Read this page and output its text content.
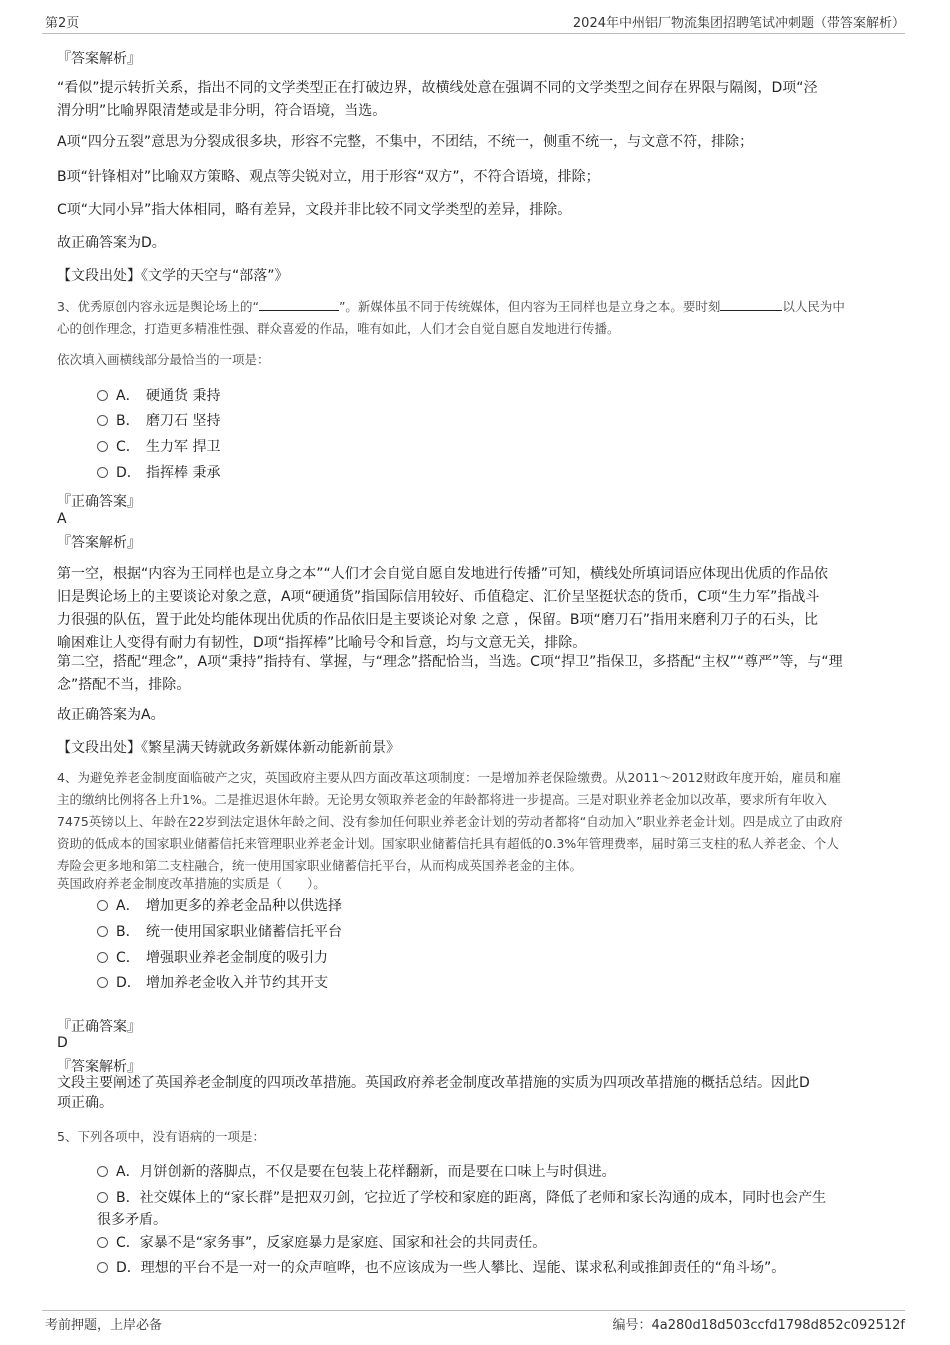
第2页	2024年中州铝厂物流集团招聘笔试冲刺题（带答案解析）
『答案解析』
“看似”提示转折关系，指出不同的文学类型正在打破边界，故横线处意在强调不同的文学类型之间存在界限与隔阂，D项“泾
渭分明”比喻界限清楚或是非分明，符合语境，当选。
A项“四分五裂”意思为分裂成很多块，形容不完整，不集中，不团结，不统一，侧重不统一，与文意不符，排除；
B项“针锋相对”比喻双方策略、观点等尖锐对立，用于形容“双方”，不符合语境，排除；
C项“大同小异”指大体相同，略有差异，文段并非比较不同文学类型的差异，排除。
故正确答案为D。
【文段出处】《文学的天空与“部落”》
3、优秀原创内容永远是舆论场上的“	”。新媒体虽不同于传统媒体，但内容为王同样也是立身之本。要时刻	以人民为中
心的创作理念，打造更多精准性强、群众喜爱的作品，唯有如此，人们才会自觉自愿自发地进行传播。
依次填入画横线部分最恰当的一项是：
A． 硬通货 秉持
B． 磨刀石 坚持
C． 生力军 捍卫
D． 指挥棒 秉承
『正确答案』
A
『答案解析』
第一空，根据“内容为王同样也是立身之本”“人们才会自觉自愿自发地进行传播”可知，横线处所填词语应体现出优质的作品依
旧是舆论场上的主要谈论对象之意，A项“硬通货”指国际信用较好、币值稳定、汇价呈坚挺状态的货币，C项“生力军”指战斗
力很强的队伍，置于此处均能体现出优质的作品依旧是主要谈论对象 之意 ，保留。B项“磨刀石”指用来磨利刀子的石头，比
喻困难让人变得有耐力有韧性，D项“指挥棒”比喻号令和旨意，均与文意无关，排除。
第二空，搭配“理念”，A项“秉持”指持有、掌握，与“理念”搭配恰当，当选。C项“捍卫”指保卫，多搭配“主权”“尊严”等，与“理
念”搭配不当，排除。
故正确答案为A。
【文段出处】《繁星满天铸就政务新媒体新动能新前景》
4、为避免养老金制度面临破产之灾，英国政府主要从四方面改革这项制度：一是增加养老保险缴费。从2011～2012财政年度开始，雇员和雇
主的缴纳比例将各上升1%。二是推迟退休年龄。无论男女领取养老金的年龄都将进一步提高。三是对职业养老金加以改革，要求所有年收入
7475英镑以上、年龄在22岁到法定退休年龄之间、没有参加任何职业养老金计划的劳动者都将“自动加入”职业养老金计划。四是成立了由政府
资助的低成本的国家职业储蓄信托来管理职业养老金计划。国家职业储蓄信托具有超低的0.3%年管理费率，届时第三支柱的私人养老金、个人
寿险会更多地和第二支柱融合，统一使用国家职业储蓄信托平台，从而构成英国养老金的主体。
英国政府养老金制度改革措施的实质是（　　）。
A． 增加更多的养老金品种以供选择
B． 统一使用国家职业储蓄信托平台
C． 增强职业养老金制度的吸引力
D． 增加养老金收入并节约其开支
『正确答案』
D
『答案解析』
文段主要阐述了英国养老金制度的四项改革措施。英国政府养老金制度改革措施的实质为四项改革措施的概括总结。因此D
项正确。
5、下列各项中，没有语病的一项是：
A．月饼创新的落脚点，不仅是要在包装上花样翻新，而是要在口味上与时俱进。
B．社交媒体上的“家长群”是把双刃剑，它拉近了学校和家庭的距离，降低了老师和家长沟通的成本，同时也会产生
很多矛盾。
C．家暴不是“家务事”，反家庭暴力是家庭、国家和社会的共同责任。
D．理想的平台不是一对一的众声喧哗，也不应该成为一些人攀比、逞能、谋求私利或推卸责任的“角斗场”。
考前押题，上岸必备	编号：4a280d18d503ccfd1798d852c092512f
